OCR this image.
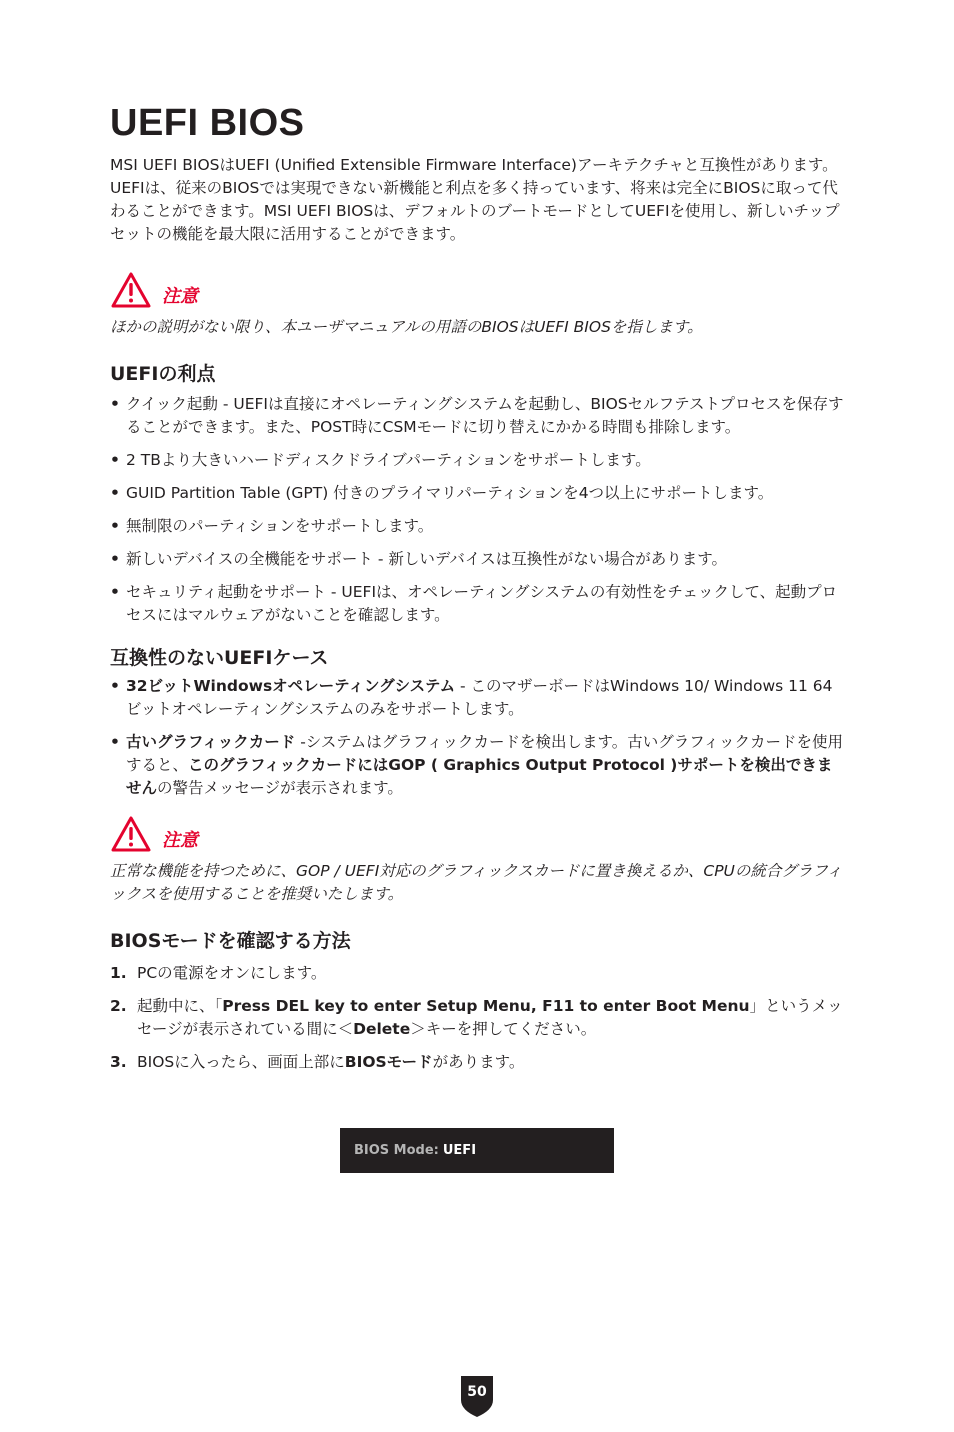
UEFI BIOS

MSI UEFI BIOSはUEFI (Unified Extensible Firmware Interface)アーキテクチャと互換性があります。UEFIは、従来のBIOSでは実現できない新機能と利点を多く持っています、将来は完全にBIOSに取って代わることができます。MSI UEFI BIOSは、デフォルトのブートモードとしてUEFIを使用し、新しいチップセットの機能を最大限に活用することができます。

注意

ほかの説明がない限り、本ユーザマニュアルの用語のBIOSはUEFI BIOSを指します。

UEFIの利点
• クイック起動 - UEFIは直接にオペレーティングシステムを起動し、BIOSセルフテストプロセスを保存することができます。また、POST時にCSMモードに切り替えにかかる時間も排除します。
• 2 TBより大きいハードディスクドライブパーティションをサポートします。
• GUID Partition Table (GPT) 付きのプライマリパーティションを4つ以上にサポートします。
• 無制限のパーティションをサポートします。
• 新しいデバイスの全機能をサポート - 新しいデバイスは互換性がない場合があります。
• セキュリティ起動をサポート - UEFIは、オペレーティングシステムの有効性をチェックして、起動プロセスにはマルウェアがないことを確認します。
互換性のないUEFIケース
• 32ビットWindowsオペレーティングシステム - このマザーボードはWindows 10/ Windows 11 64ビットオペレーティングシステムのみをサポートします。
• 古いグラフィックカード -システムはグラフィックカードを検出します。古いグラフィックカードを使用すると、このグラフィックカードにはGOP ( Graphics Output Protocol )サポートを検出できませんの警告メッセージが表示されます。
注意

正常な機能を持つために、GOP / UEFI対応のグラフィックスカードに置き換えるか、CPUの統合グラフィックスを使用することを推奨いたします。

BIOSモードを確認する方法
1. PCの電源をオンにします。
2. 起動中に、「Press DEL key to enter Setup Menu, F11 to enter Boot Menu」というメッセージが表示されている間に＜Delete＞キーを押してください。
3. BIOSに入ったら、画面上部にBIOSモードがあります。
BIOS Mode: UEFI
50
